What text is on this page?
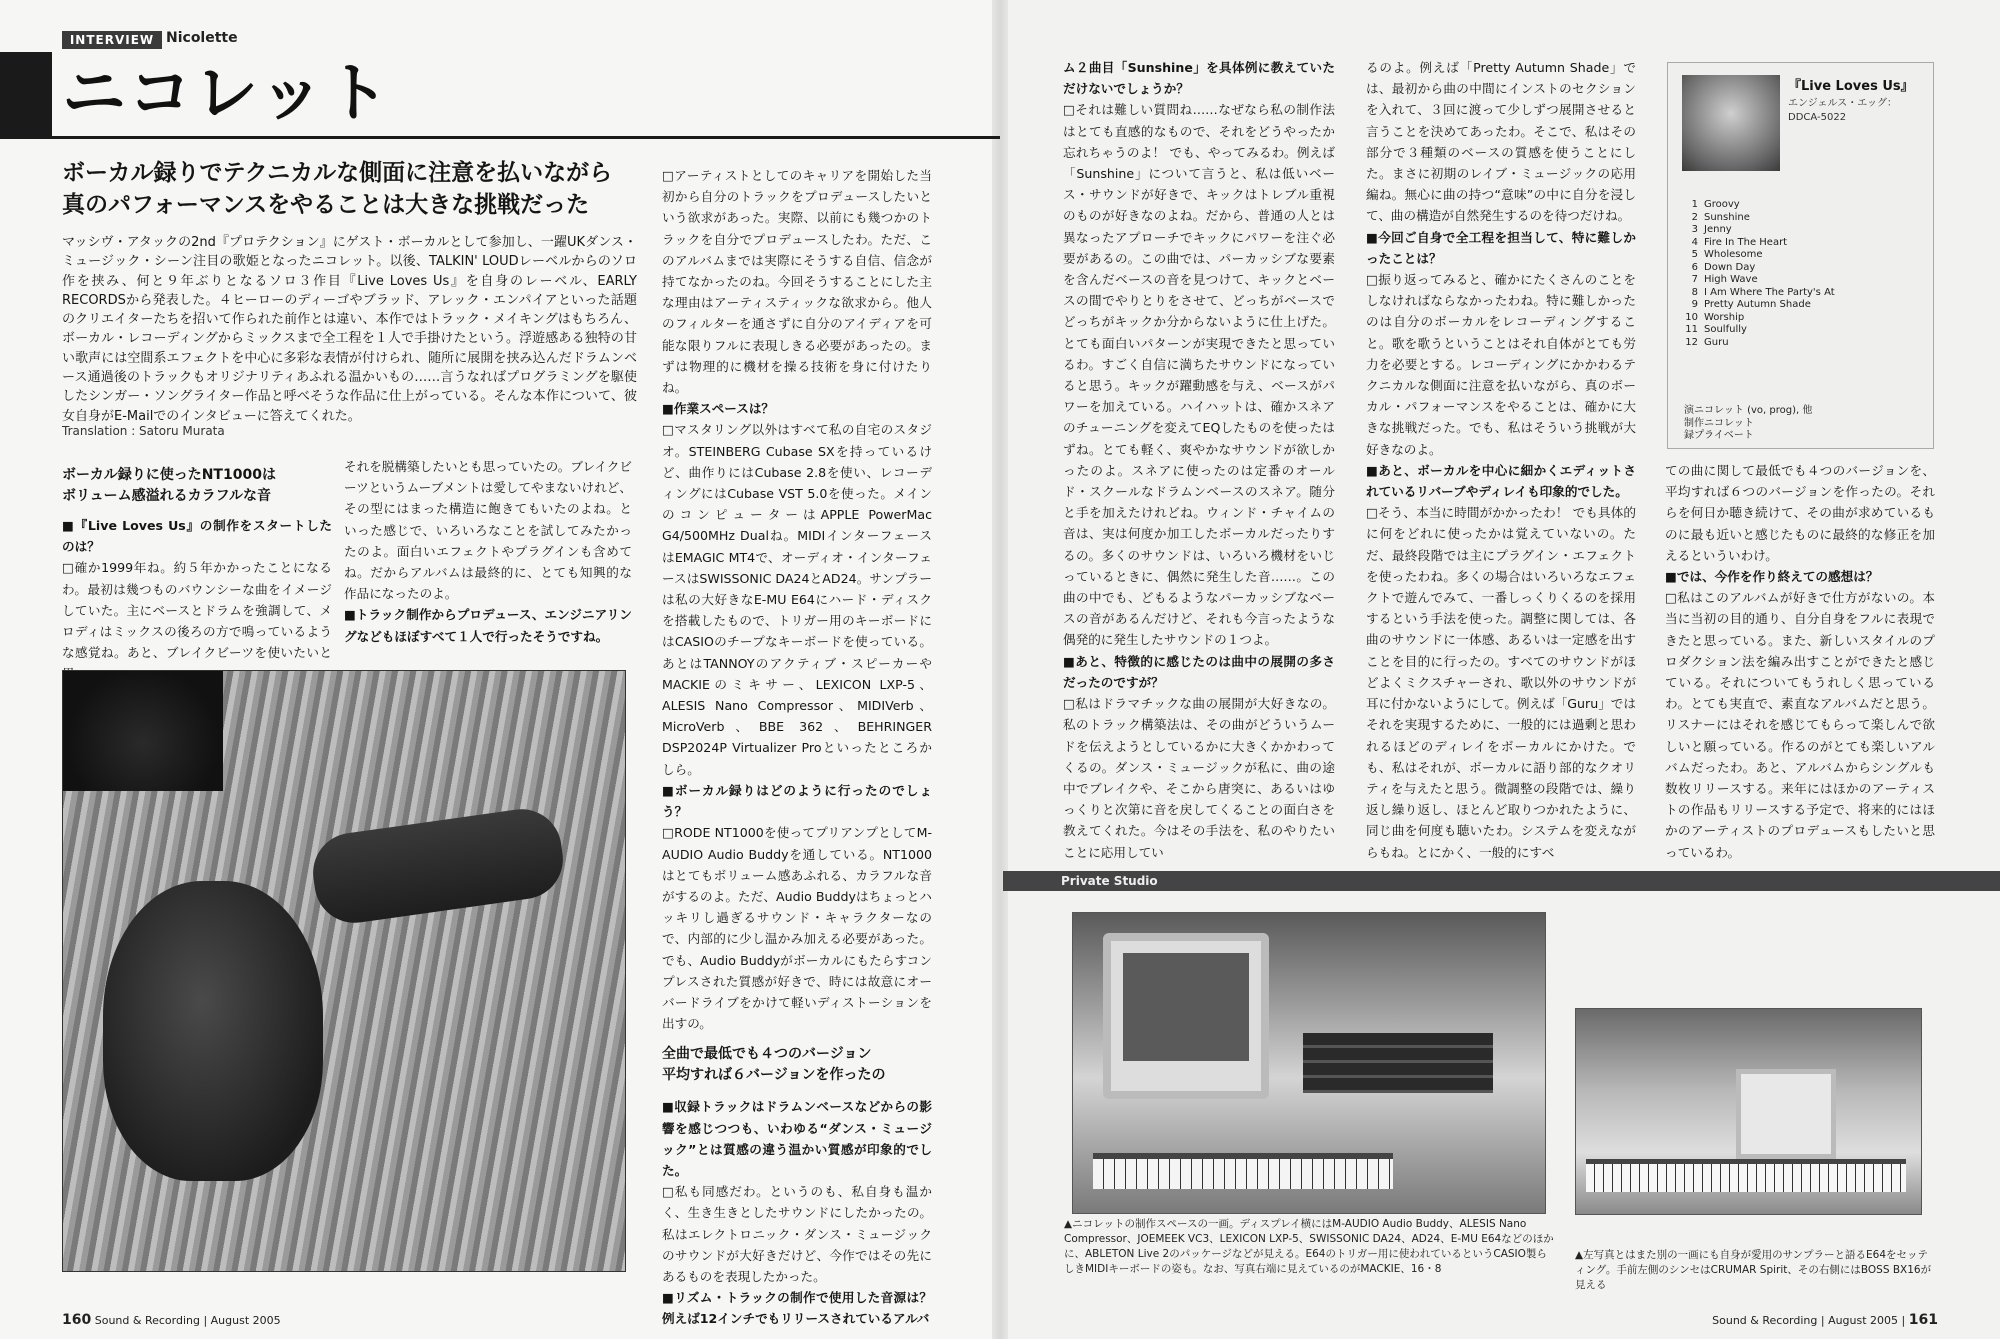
INTERVIEW Nicolette
ニコレット
ボーカル録りでテクニカルな側面に注意を払いながら
真のパフォーマンスをやることは大きな挑戦だった
マッシヴ・アタックの2nd『プロテクション』にゲスト・ボーカルとして参加し、一躍UKダンス・ミュージック・シーン注目の歌姫となったニコレット。以後、TALKIN' LOUDレーベルからのソロ作を挟み、何と９年ぶりとなるソロ３作目『Live Loves Us』を自身のレーベル、EARLY RECORDSから発表した。４ヒーローのディーゴやブラッド、アレック・エンパイアといった話題のクリエイターたちを招いて作られた前作とは違い、本作ではトラック・メイキングはもちろん、ボーカル・レコーディングからミックスまで全工程を１人で手掛けたという。浮遊感ある独特の甘い歌声には空間系エフェクトを中心に多彩な表情が付けられ、随所に展開を挟み込んだドラムンベース通過後のトラックもオリジナリティあふれる温かいもの……言うなればプログラミングを駆使したシンガー・ソングライター作品と呼べそうな作品に仕上がっている。そんな本作について、彼女自身がE-Mailでのインタビューに答えてくれた。
Translation : Satoru Murata

ボーカル録りに使ったNT1000は

ボリューム感溢れるカラフルな音

■『Live Loves Us』の制作をスタートしたのは？

□確か1999年ね。約５年かかったことになるわ。最初は幾つものバウンシーな曲をイメージしていた。主にベースとドラムを強調して、メロディはミックスの後ろの方で鳴っているような感覚ね。あと、ブレイクビーツを使いたいと

それを脱構築したいとも思っていたの。ブレイクビーツというムーブメントは愛してやまないけれど、その型にはまった構造に飽きてもいたのよね。といった感じで、いろいろなことを試してみたかったのよ。面白いエフェクトやプラグインも含めてね。だからアルバムは最終的に、とても知興的な作品になったのよ。

■トラック制作からプロデュース、エンジニアリングなどもほぼすべて１人で行ったそうですね。

□アーティストとしてのキャリアを開始した当初から自分のトラックをプロデュースしたいという欲求があった。実際、以前にも幾つかのトラックを自分でプロデュースしたわ。ただ、このアルバムまでは実際にそうする自信、信念が持てなかったのね。今回そうすることにした主な理由はアーティスティックな欲求から。他人のフィルターを通さずに自分のアイディアを可能な限りフルに表現しきる必要があったの。まずは物理的に機材を操る技術を身に付けたりね。

■作業スペースは？

□マスタリング以外はすべて私の自宅のスタジオ。STEINBERG Cubase SXを持っているけど、曲作りにはCubase 2.8を使い、レコーディングにはCubase VST 5.0を使った。メインのコンピューターはAPPLE PowerMac G4/500MHz Dualね。MIDIインターフェースはEMAGIC MT4で、オーディオ・インターフェースはSWISSONIC DA24とAD24。サンプラーは私の大好きなE-MU E64にハード・ディスクを搭載したもので、トリガー用のキーボードにはCASIOのチープなキーボードを使っている。あとはTANNOYのアクティブ・スピーカーやMACKIEのミキサー、LEXICON LXP-5、ALESIS Nano Compressor、MIDIVerb、MicroVerb、BBE 362、BEHRINGER DSP2024P Virtualizer Proといったところかしら。

■ボーカル録りはどのように行ったのでしょう？

□RODE NT1000を使ってプリアンプとしてM-AUDIO Audio Buddyを通している。NT1000はとてもボリューム感あふれる、カラフルな音がするのよ。ただ、Audio Buddyはちょっとハッキリし過ぎるサウンド・キャラクターなので、内部的に少し温かみ加える必要があった。でも、Audio Buddyがボーカルにもたらすコンプレスされた質感が好きで、時には故意にオーバードライブをかけて軽いディストーションを出すの。

全曲で最低でも４つのバージョン

平均すれば６バージョンを作ったの

■収録トラックはドラムンベースなどからの影響を感じつつも、いわゆる“ダンス・ミュージック”とは質感の違う温かい質感が印象的でした。

□私も同感だわ。というのも、私自身も温かく、生き生きとしたサウンドにしたかったの。私はエレクトロニック・ダンス・ミュージックのサウンドが大好きだけど、今作ではその先にあるものを表現したかった。

■リズム・トラックの制作で使用した音源は？例えば12インチでもリリースされているアルバ

ム２曲目「Sunshine」を具体例に教えていただけないでしょうか？

□それは難しい質問ね……なぜなら私の制作法はとても直感的なもので、それをどうやったか忘れちゃうのよ！ でも、やってみるわ。例えば「Sunshine」について言うと、私は低いベース・サウンドが好きで、キックはトレブル重視のものが好きなのよね。だから、普通の人とは異なったアプローチでキックにパワーを注ぐ必要があるの。この曲では、パーカッシブな要素を含んだベースの音を見つけて、キックとベースの間でやりとりをさせて、どっちがベースでどっちがキックか分からないように仕上げた。とても面白いパターンが実現できたと思っているわ。すごく自信に満ちたサウンドになっていると思う。キックが躍動感を与え、ベースがパワーを加えている。ハイハットは、確かスネアのチューニングを変えてEQしたものを使ったはずね。とても軽く、爽やかなサウンドが欲しかったのよ。スネアに使ったのは定番のオールド・スクールなドラムンベースのスネア。随分と手を加えたけれどね。ウィンド・チャイムの音は、実は何度か加工したボーカルだったりするの。多くのサウンドは、いろいろ機材をいじっているときに、偶然に発生した音……。この曲の中でも、どもるようなパーカッシブなベースの音があるんだけど、それも今言ったような偶発的に発生したサウンドの１つよ。

■あと、特徴的に感じたのは曲中の展開の多さだったのですが？

□私はドラマチックな曲の展開が大好きなの。私のトラック構築法は、その曲がどういうムードを伝えようとしているかに大きくかかわってくるの。ダンス・ミュージックが私に、曲の途中でブレイクや、そこから唐突に、あるいはゆっくりと次第に音を戻してくることの面白さを教えてくれた。今はその手法を、私のやりたいことに応用してい

るのよ。例えば「Pretty Autumn Shade」では、最初から曲の中間にインストのセクションを入れて、３回に渡って少しずつ展開させると言うことを決めてあったわ。そこで、私はその部分で３種類のベースの質感を使うことにした。まさに初期のレイブ・ミュージックの応用編ね。無心に曲の持つ“意味”の中に自分を浸して、曲の構造が自然発生するのを待つだけね。

■今回ご自身で全工程を担当して、特に難しかったことは？

□振り返ってみると、確かにたくさんのことをしなければならなかったわね。特に難しかったのは自分のボーカルをレコーディングすること。歌を歌うということはそれ自体がとても労力を必要とする。レコーディングにかかわるテクニカルな側面に注意を払いながら、真のボーカル・パフォーマンスをやることは、確かに大きな挑戦だった。でも、私はそういう挑戦が大好きなのよ。

■あと、ボーカルを中心に細かくエディットされているリバーブやディレイも印象的でした。

□そう、本当に時間がかかったわ！ でも具体的に何をどれに使ったかは覚えていないの。ただ、最終段階では主にプラグイン・エフェクトを使ったわね。多くの場合はいろいろなエフェクトで遊んでみて、一番しっくりくるのを採用するという手法を使った。調整に関しては、各曲のサウンドに一体感、あるいは一定感を出すことを目的に行ったの。すべてのサウンドがほどよくミクスチャーされ、歌以外のサウンドが耳に付かないようにして。例えば「Guru」ではそれを実現するために、一般的には過剰と思われるほどのディレイをボーカルにかけた。でも、私はそれが、ボーカルに語り部的なクオリティを与えたと思う。微調整の段階では、繰り返し繰り返し、ほとんど取りつかれたように、同じ曲を何度も聴いたわ。システムを変えながらもね。とにかく、一般的にすべ

『Live Loves Us』
エンジェルス・エッグ：
DDCA-5022
1 Groovy
2 Sunshine
3 Jenny
4 Fire In The Heart
5 Wholesome
6 Down Day
7 High Wave
8 I Am Where The Party's At
9 Pretty Autumn Shade
10 Worship
11 Soulfully
12 Guru
演ニコレット (vo, prog), 他
制作ニコレット
録プライベート

ての曲に関して最低でも４つのバージョンを、平均すれば６つのバージョンを作ったの。それらを何日か聴き続けて、その曲が求めているものに最も近いと感じたものに最終的な修正を加えるといういわけ。

■では、今作を作り終えての感想は？

□私はこのアルバムが好きで仕方がないの。本当に当初の目的通り、自分自身をフルに表現できたと思っている。また、新しいスタイルのプロダクション法を編み出すことができたと感じている。それについてもうれしく思っているわ。とても実直で、素直なアルバムだと思う。リスナーにはそれを感じてもらって楽しんで欲しいと願っている。作るのがとても楽しいアルバムだったわ。あと、アルバムからシングルも数枚リリースする。来年にはほかのアーティストの作品もリリースする予定で、将来的にはほかのアーティストのプロデュースもしたいと思っているわ。

Private Studio
▲ニコレットの制作スペースの一画。ディスプレイ横にはM-AUDIO Audio Buddy、ALESIS Nano Compressor、JOEMEEK VC3、LEXICON LXP-5、SWISSONIC DA24、AD24、E-MU E64などのほかに、ABLETON Live 2のパッケージなどが見える。E64のトリガー用に使われているというCASIO製らしきMIDIキーボードの姿も。なお、写真右端に見えているのがMACKIE、16・8
▲左写真とはまた別の一画にも自身が愛用のサンプラーと語るE64をセッティング。手前左側のシンセはCRUMAR Spirit、その右側にはBOSS BX16が見える
160 Sound & Recording | August 2005	Sound & Recording | August 2005 | 161
